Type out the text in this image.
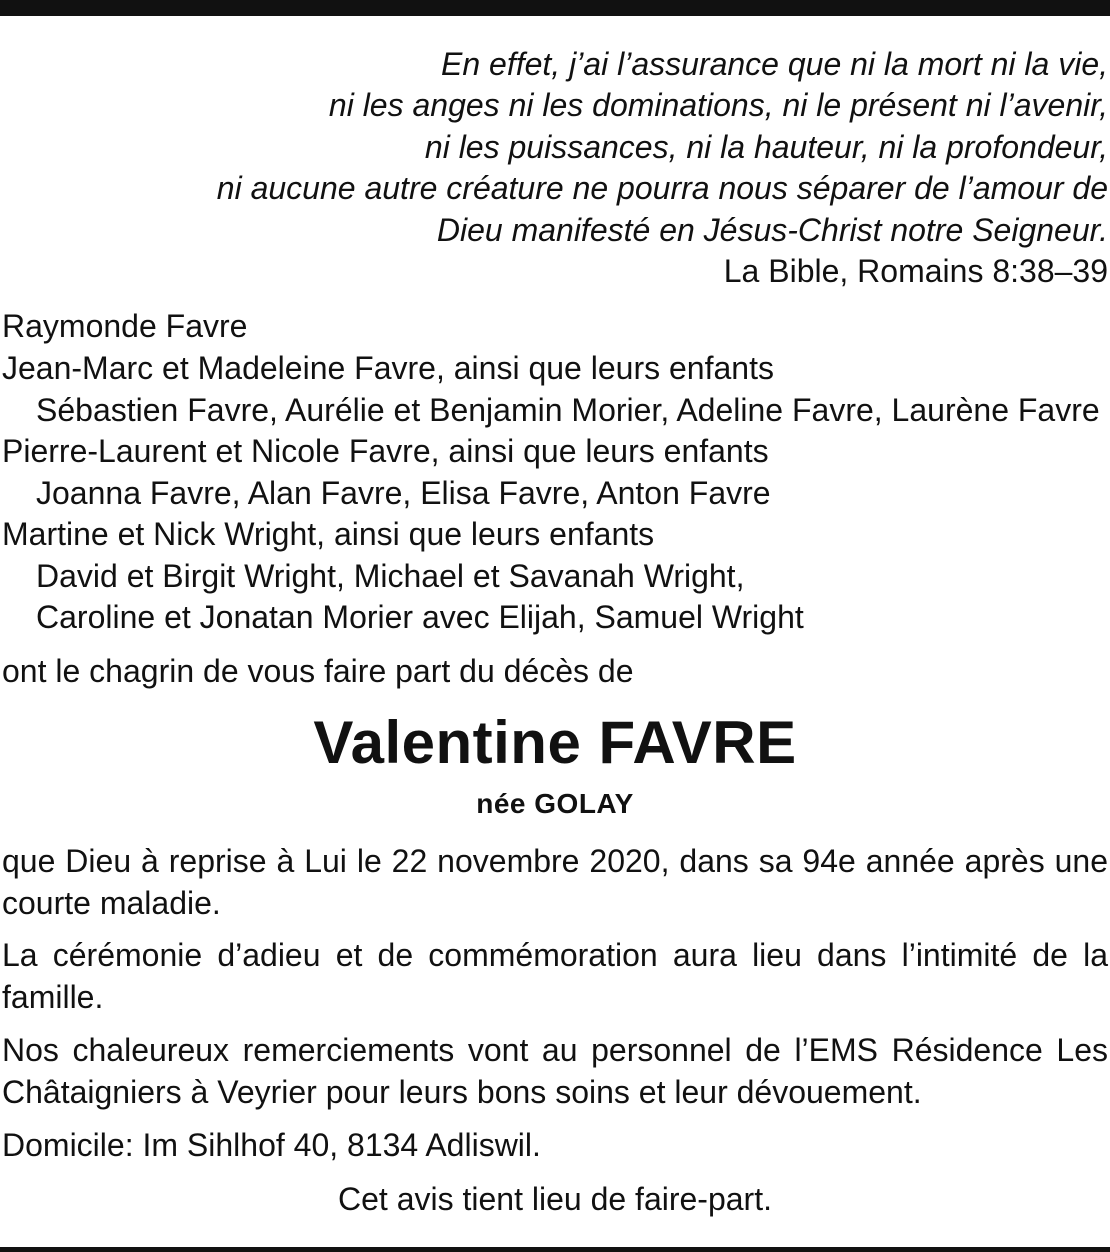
En effet, j’ai l’assurance que ni la mort ni la vie,
ni les anges ni les dominations, ni le présent ni l’avenir,
ni les puissances, ni la hauteur, ni la profondeur,
ni aucune autre créature ne pourra nous séparer de l’amour de
Dieu manifesté en Jésus-Christ notre Seigneur.
La Bible, Romains 8:38–39
Raymonde Favre
Jean-Marc et Madeleine Favre, ainsi que leurs enfants
Sébastien Favre, Aurélie et Benjamin Morier, Adeline Favre, Laurène Favre
Pierre-Laurent et Nicole Favre, ainsi que leurs enfants
Joanna Favre, Alan Favre, Elisa Favre, Anton Favre
Martine et Nick Wright, ainsi que leurs enfants
David et Birgit Wright, Michael et Savanah Wright,
Caroline et Jonatan Morier avec Elijah, Samuel Wright
ont le chagrin de vous faire part du décès de
Valentine FAVRE
née GOLAY
que Dieu à reprise à Lui le 22 novembre 2020, dans sa 94e année après une courte maladie.
La cérémonie d’adieu et de commémoration aura lieu dans l’intimité de la famille.
Nos chaleureux remerciements vont au personnel de l’EMS Résidence Les Châtaigniers à Veyrier pour leurs bons soins et leur dévouement.
Domicile: Im Sihlhof 40, 8134 Adliswil.
Cet avis tient lieu de faire-part.
